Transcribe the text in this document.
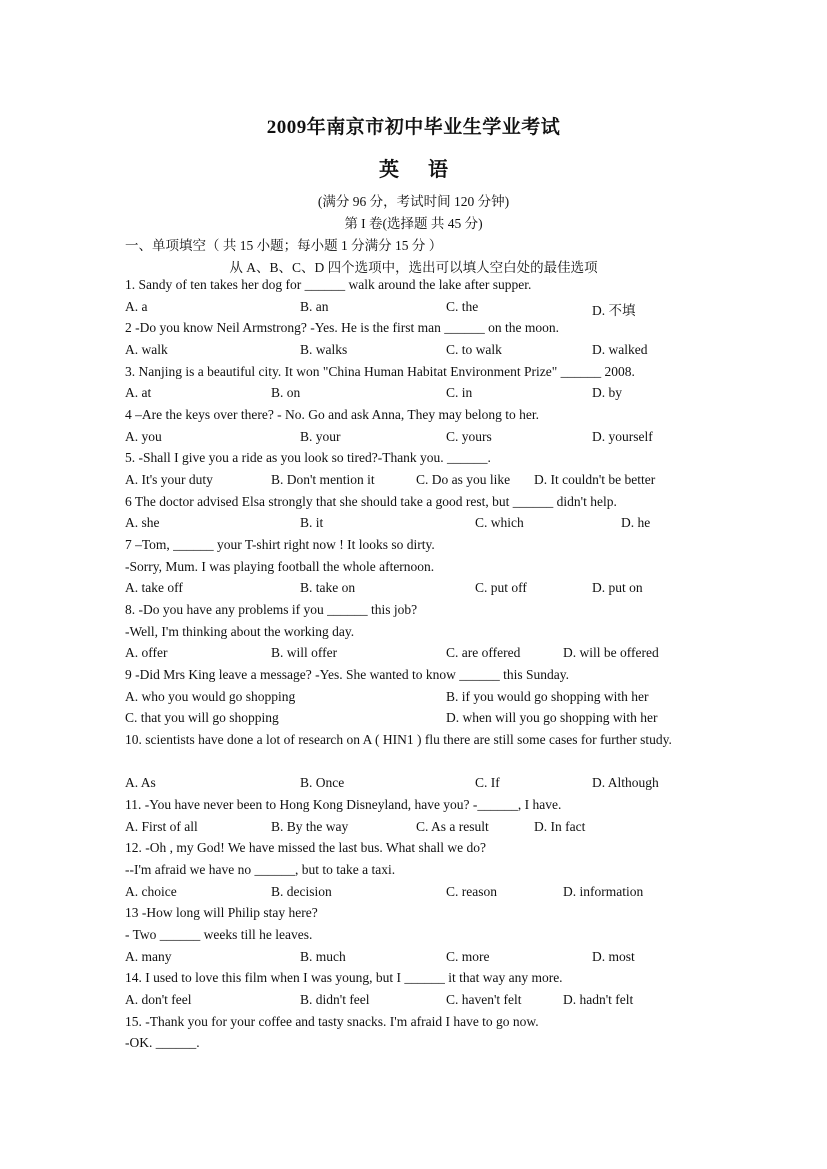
2009年南京市初中毕业生学业考试
英 语
(满分 96 分，考试时间 120 分钟)
第 I 卷(选择题 共 45 分)
一、单项填空（ 共 15 小题；每小题 1 分满分 15 分 ）
从 A、B、C、D 四个选项中，选出可以填人空白处的最佳选项
1. Sandy of ten takes her dog for ______ walk around the lake after supper.
A. a	B. an	C. the	D. 不填
2 -Do you know Neil Armstrong? -Yes. He is the first man ______ on the moon.
A. walk	B. walks	C. to walk	D. walked
3. Nanjing is a beautiful city. It won "China Human Habitat Environment Prize" ______ 2008.
A. at	B. on	C. in	D. by
4 –Are the keys over there? - No. Go and ask Anna, They may belong to her.
A. you	B. your	C. yours	D. yourself
5. -Shall I give you a ride as you look so tired?-Thank you. ______.
A. It's your duty	B. Don't mention it	C. Do as you like D. It couldn't be better
6 The doctor advised Elsa strongly that she should take a good rest, but ______ didn't help.
A. she	B. it	C. which	D. he
7 –Tom, ______ your T-shirt right now ! It looks so dirty.
-Sorry, Mum. I was playing football the whole afternoon.
A. take off	B. take on	C. put off	D. put on
8. -Do you have any problems if you ______ this job?
-Well, I'm thinking about the working day.
A. offer	B. will offer	C. are offered	D. will be offered
9 -Did Mrs King leave a message? -Yes. She wanted to know ______ this Sunday.
A. who you would go shopping	B. if you would go shopping with her
C. that you will go shopping	D. when will you go shopping with her
10. scientists have done a lot of research on A ( HIN1 ) flu there are still some cases for further study.
A. As	B. Once	C. If	D. Although
11. -You have never been to Hong Kong Disneyland, have you? -______, I have.
A. First of all	B. By the way	C. As a result	D. In fact
12. -Oh , my God! We have missed the last bus. What shall we do?
--I'm afraid we have no ______, but to take a taxi.
A. choice	B. decision	C. reason	D. information
13 -How long will Philip stay here?
- Two ______ weeks till he leaves.
A. many	B. much	C. more	D. most
14. I used to love this film when I was young, but I ______ it that way any more.
A. don't feel	B. didn't feel	C. haven't felt	D. hadn't felt
15. -Thank you for your coffee and tasty snacks. I'm afraid I have to go now.
-OK. ______.
